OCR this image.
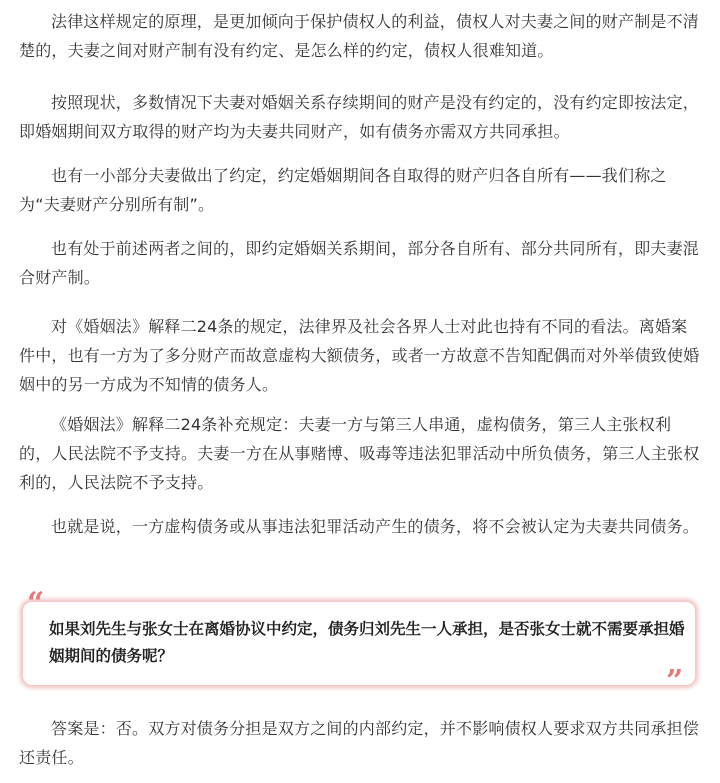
法律这样规定的原理，是更加倾向于保护债权人的利益，债权人对夫妻之间的财产制是不清楚的，夫妻之间对财产制有没有约定、是怎么样的约定，债权人很难知道。

按照现状，多数情况下夫妻对婚姻关系存续期间的财产是没有约定的，没有约定即按法定，即婚姻期间双方取得的财产均为夫妻共同财产，如有债务亦需双方共同承担。

也有一小部分夫妻做出了约定，约定婚姻期间各自取得的财产归各自所有——我们称之为“夫妻财产分别所有制”。

也有处于前述两者之间的，即约定婚姻关系期间，部分各自所有、部分共同所有，即夫妻混合财产制。

对《婚姻法》解释二24条的规定，法律界及社会各界人士对此也持有不同的看法。离婚案件中，也有一方为了多分财产而故意虚构大额债务，或者一方故意不告知配偶而对外举债致使婚姻中的另一方成为不知情的债务人。

《婚姻法》解释二24条补充规定：夫妻一方与第三人串通，虚构债务，第三人主张权利的，人民法院不予支持。夫妻一方在从事赌博、吸毒等违法犯罪活动中所负债务，第三人主张权利的，人民法院不予支持。

也就是说，一方虚构债务或从事违法犯罪活动产生的债务，将不会被认定为夫妻共同债务。

“

如果刘先生与张女士在离婚协议中约定，债务归刘先生一人承担，是否张女士就不需要承担婚姻期间的债务呢？

”

答案是：否。双方对债务分担是双方之间的内部约定，并不影响债权人要求双方共同承担偿还责任。
